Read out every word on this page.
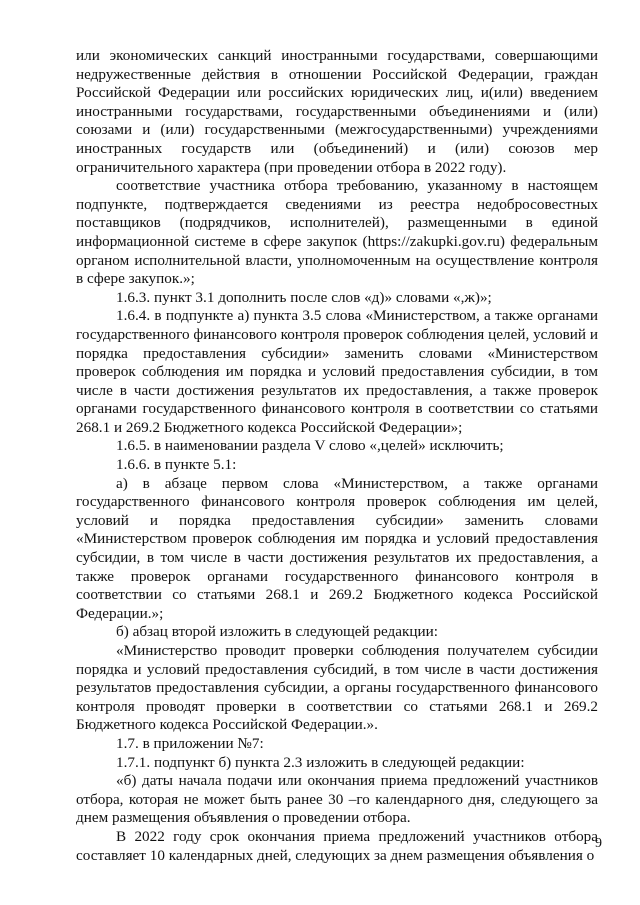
или экономических санкций иностранными государствами, совершающими недружественные действия в отношении Российской Федерации, граждан Российской Федерации или российских юридических лиц, и(или) введением иностранными государствами, государственными объединениями и (или) союзами и (или) государственными (межгосударственными) учреждениями иностранных государств или (объединений) и (или) союзов мер ограничительного характера (при проведении отбора в 2022 году).

соответствие участника отбора требованию, указанному в настоящем подпункте, подтверждается сведениями из реестра недобросовестных поставщиков (подрядчиков, исполнителей), размещенными в единой информационной системе в сфере закупок (https://zakupki.gov.ru) федеральным органом исполнительной власти, уполномоченным на осуществление контроля в сфере закупок.»;

1.6.3. пункт 3.1 дополнить после слов «д)» словами «,ж)»;

1.6.4. в подпункте а) пункта 3.5 слова «Министерством, а также органами государственного финансового контроля проверок соблюдения целей, условий и порядка предоставления субсидии» заменить словами «Министерством проверок соблюдения им порядка и условий предоставления субсидии, в том числе в части достижения результатов их предоставления, а также проверок органами государственного финансового контроля в соответствии со статьями 268.1 и 269.2 Бюджетного кодекса Российской Федерации»;

1.6.5. в наименовании раздела V слово «,целей» исключить;

1.6.6. в пункте 5.1:

а) в абзаце первом слова «Министерством, а также органами государственного финансового контроля проверок соблюдения им целей, условий и порядка предоставления субсидии» заменить словами «Министерством проверок соблюдения им порядка и условий предоставления субсидии, в том числе в части достижения результатов их предоставления, а также проверок органами государственного финансового контроля в соответствии со статьями 268.1 и 269.2 Бюджетного кодекса Российской Федерации.»;

б) абзац второй изложить в следующей редакции:

«Министерство проводит проверки соблюдения получателем субсидии порядка и условий предоставления субсидий, в том числе в части достижения результатов предоставления субсидии, а органы государственного финансового контроля проводят проверки в соответствии со статьями 268.1 и 269.2 Бюджетного кодекса Российской Федерации.».

1.7. в приложении №7:

1.7.1. подпункт б) пункта 2.3 изложить в следующей редакции:

«б) даты начала подачи или окончания приема предложений участников отбора, которая не может быть ранее 30 –го календарного дня, следующего за днем размещения объявления о проведении отбора.

В 2022 году срок окончания приема предложений участников отбора составляет 10 календарных дней, следующих за днем размещения объявления о

9
